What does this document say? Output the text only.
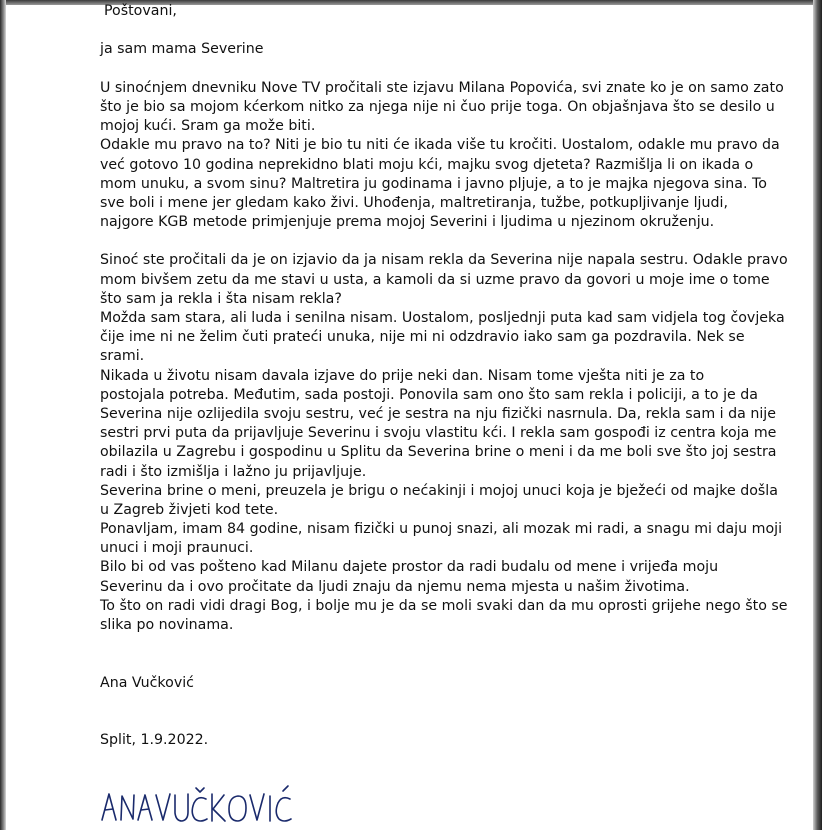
Poštovani,
ja sam mama Severine
U sinoćnjem dnevniku Nove TV pročitali ste izjavu Milana Popovića, svi znate ko je on samo zato
što je bio sa mojom kćerkom nitko za njega nije ni čuo prije toga. On objašnjava što se desilo u
mojoj kući. Sram ga može biti.
Odakle mu pravo na to? Niti je bio tu niti će ikada više tu kročiti. Uostalom, odakle mu pravo da
već gotovo 10 godina neprekidno blati moju kći, majku svog djeteta? Razmišlja li on ikada o
mom unuku, a svom sinu? Maltretira ju godinama i javno pljuje, a to je majka njegova sina. To
sve boli i mene jer gledam kako živi. Uhođenja, maltretiranja, tužbe, potkupljivanje ljudi,
najgore KGB metode primjenjuje prema mojoj Severini i ljudima u njezinom okruženju.
Sinoć ste pročitali da je on izjavio da ja nisam rekla da Severina nije napala sestru. Odakle pravo
mom bivšem zetu da me stavi u usta, a kamoli da si uzme pravo da govori u moje ime o tome
što sam ja rekla i šta nisam rekla?
Možda sam stara, ali luda i senilna nisam. Uostalom, posljednji puta kad sam vidjela tog čovjeka
čije ime ni ne želim čuti prateći unuka, nije mi ni odzdravio iako sam ga pozdravila. Nek se
srami.
Nikada u životu nisam davala izjave do prije neki dan. Nisam tome vješta niti je za to
postojala potreba. Međutim, sada postoji. Ponovila sam ono što sam rekla i policiji, a to je da
Severina nije ozlijedila svoju sestru, već je sestra na nju fizički nasrnula. Da, rekla sam i da nije
sestri prvi puta da prijavljuje Severinu i svoju vlastitu kći. I rekla sam gospođi iz centra koja me
obilazila u Zagrebu i gospodinu u Splitu da Severina brine o meni i da me boli sve što joj sestra
radi i što izmišlja i lažno ju prijavljuje.
Severina brine o meni, preuzela je brigu o nećakinji i mojoj unuci koja je bježeći od majke došla
u Zagreb živjeti kod tete.
Ponavljam, imam 84 godine, nisam fizički u punoj snazi, ali mozak mi radi, a snagu mi daju moji
unuci i moji praunuci.
Bilo bi od vas pošteno kad Milanu dajete prostor da radi budalu od mene i vrijeđa moju
Severinu da i ovo pročitate da ljudi znaju da njemu nema mjesta u našim životima.
To što on radi vidi dragi Bog, i bolje mu je da se moli svaki dan da mu oprosti grijehe nego što se
slika po novinama.
Ana Vučković
Split, 1.9.2022.
